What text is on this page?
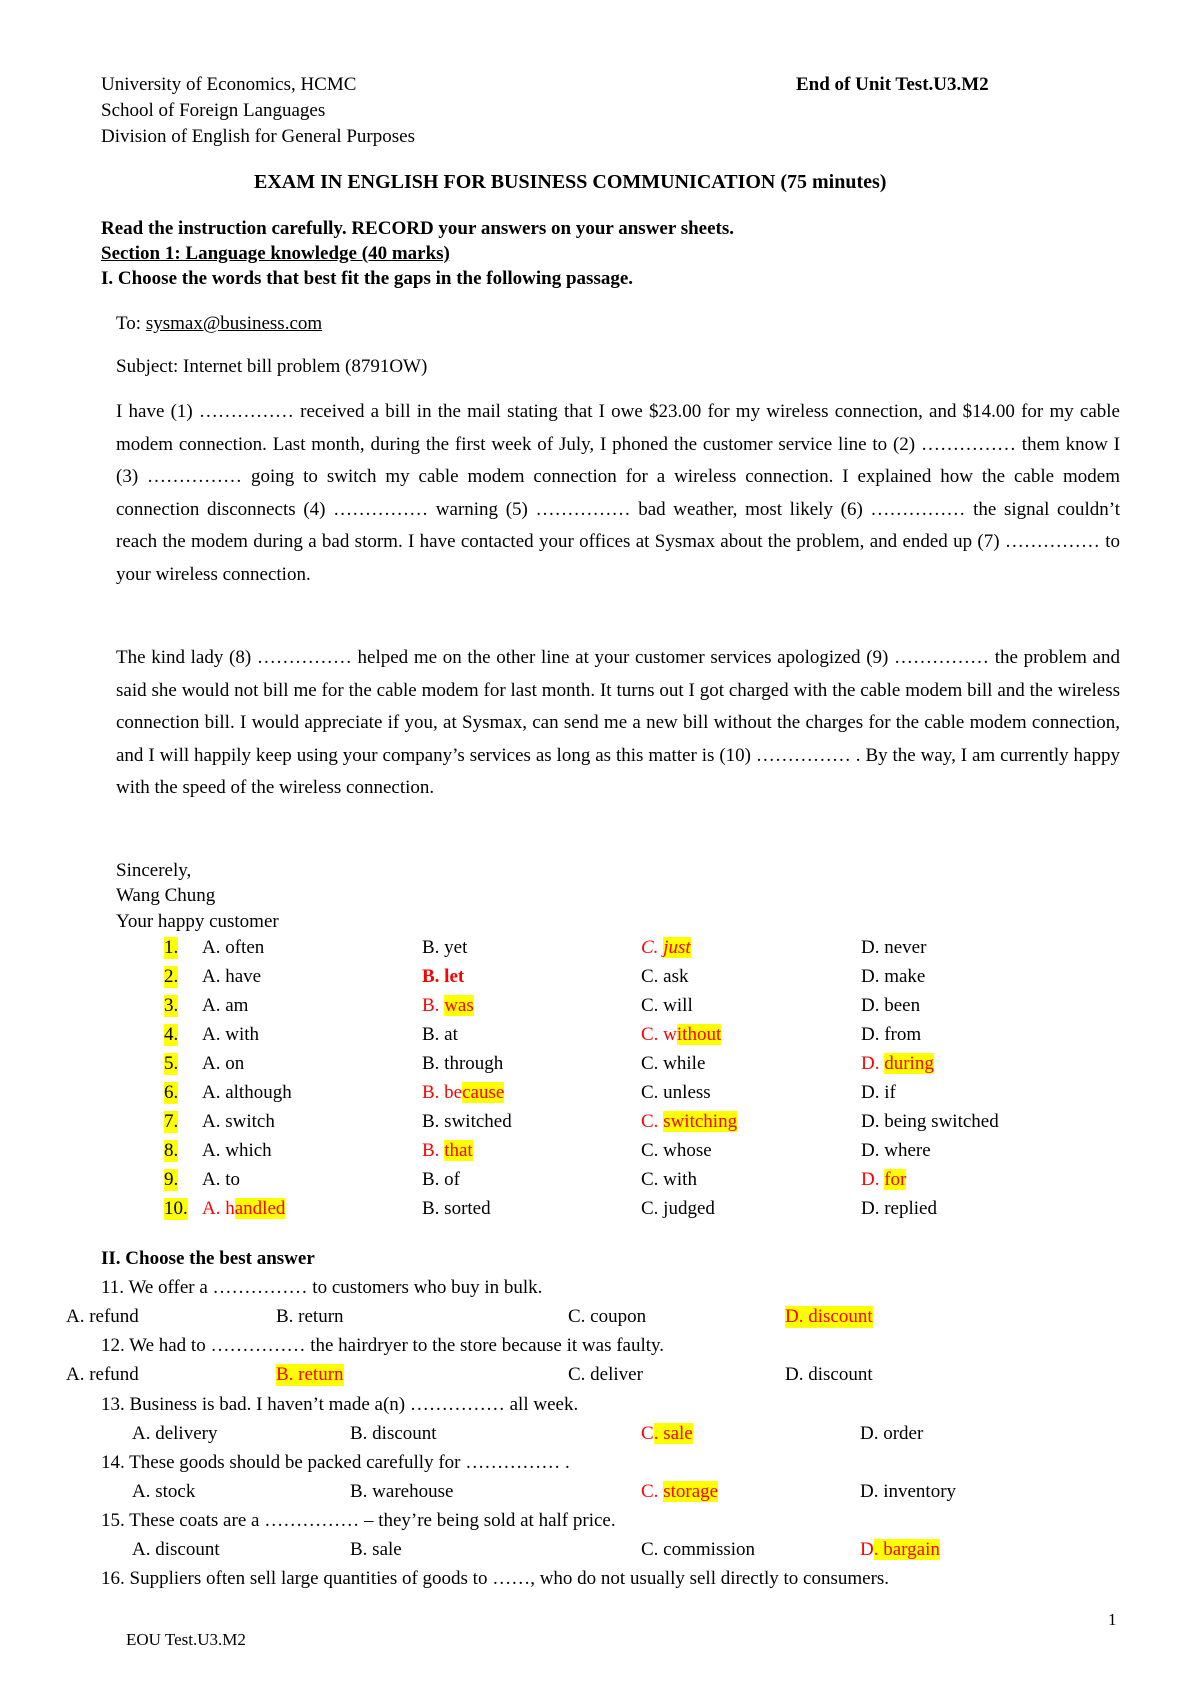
University of Economics, HCMC
School of Foreign Languages
Division of English for General Purposes
End of Unit Test.U3.M2
EXAM IN ENGLISH FOR BUSINESS COMMUNICATION (75 minutes)
Read the instruction carefully. RECORD your answers on your answer sheets.
Section 1: Language knowledge (40 marks)
I. Choose the words that best fit the gaps in the following passage.
To: sysmax@business.com
Subject: Internet bill problem (8791OW)

I have (1) …………… received a bill in the mail stating that I owe $23.00 for my wireless connection, and $14.00 for my cable modem connection. Last month, during the first week of July, I phoned the customer service line to (2) …………… them know I (3) …………… going to switch my cable modem connection for a wireless connection. I explained how the cable modem connection disconnects (4) …………… warning (5) …………… bad weather, most likely (6) …………… the signal couldn’t reach the modem during a bad storm. I have contacted your offices at Sysmax about the problem, and ended up (7) …………… to your wireless connection.

The kind lady (8) …………… helped me on the other line at your customer services apologized (9) …………… the problem and said she would not bill me for the cable modem for last month. It turns out I got charged with the cable modem bill and the wireless connection bill. I would appreciate if you, at Sysmax, can send me a new bill without the charges for the cable modem connection, and I will happily keep using your company’s services as long as this matter is (10) …………… . By the way, I am currently happy with the speed of the wireless connection.

Sincerely,
Wang Chung
Your happy customer
1. A. often	B. yet	C. just	D. never
2. A. have	B. let	C. ask	D. make
3. A. am	B. was	C. will	D. been
4. A. with	B. at	C. without	D. from
5. A. on	B. through	C. while	D. during
6. A. although	B. because	C. unless	D. if
7. A. switch	B. switched	C. switching	D. being switched
8. A. which	B. that	C. whose	D. where
9. A. to	B. of	C. with	D. for
10. A. handled	B. sorted	C. judged	D. replied
II. Choose the best answer
11. We offer a …………… to customers who buy in bulk.
A. refund	B. return	C. coupon	D. discount
12. We had to …………… the hairdryer to the store because it was faulty.
A. refund	B. return	C. deliver	D. discount
13. Business is bad. I haven’t made a(n) …………… all week.
A. delivery	B. discount	C. sale	D. order
14. These goods should be packed carefully for …………… .
A. stock	B. warehouse	C. storage	D. inventory
15. These coats are a …………… – they’re being sold at half price.
A. discount	B. sale	C. commission	D. bargain
16. Suppliers often sell large quantities of goods to ……, who do not usually sell directly to consumers.
1
EOU Test.U3.M2
